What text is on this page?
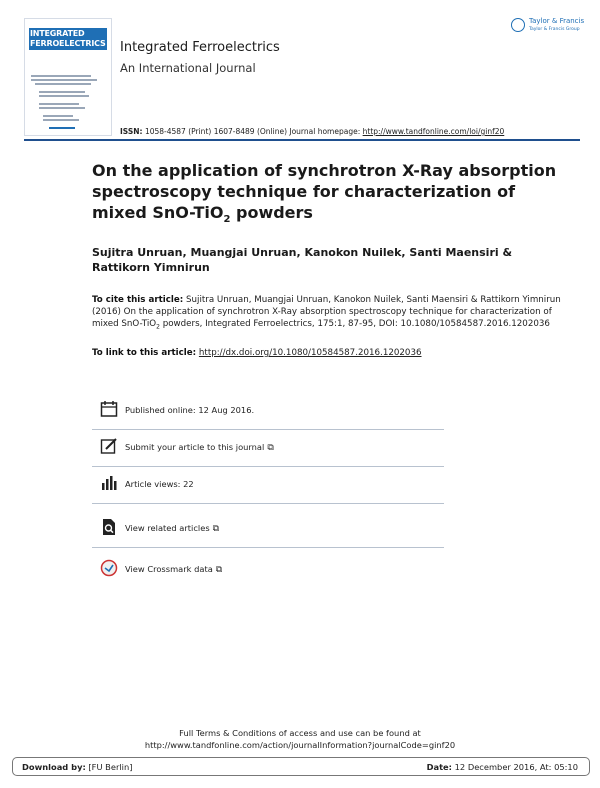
INTEGRATED FERROELECTRICS	Integrated Ferroelectrics
An International Journal
Taylor & Francis
Taylor & Francis Group
ISSN: 1058-4587 (Print) 1607-8489 (Online) Journal homepage: http://www.tandfonline.com/loi/ginf20
On the application of synchrotron X-Ray absorption spectroscopy technique for characterization of mixed SnO-TiO$_2$ powders
Sujitra Unruan, Muangjai Unruan, Kanokon Nuilek, Santi Maensiri & Rattikorn Yimnirun
To cite this article: Sujitra Unruan, Muangjai Unruan, Kanokon Nuilek, Santi Maensiri & Rattikorn Yimnirun (2016) On the application of synchrotron X-Ray absorption spectroscopy technique for characterization of mixed SnO-TiO$_2$ powders, Integrated Ferroelectrics, 175:1, 87-95, DOI: 10.1080/10584587.2016.1202036
To link to this article: http://dx.doi.org/10.1080/10584587.2016.1202036
Published online: 12 Aug 2016.
Submit your article to this journal ⧉
Article views: 22
View related articles ⧉
View Crossmark data ⧉
Full Terms & Conditions of access and use can be found at
http://www.tandfonline.com/action/journalInformation?journalCode=ginf20
Download by: [FU Berlin]	Date: 12 December 2016, At: 05:10
